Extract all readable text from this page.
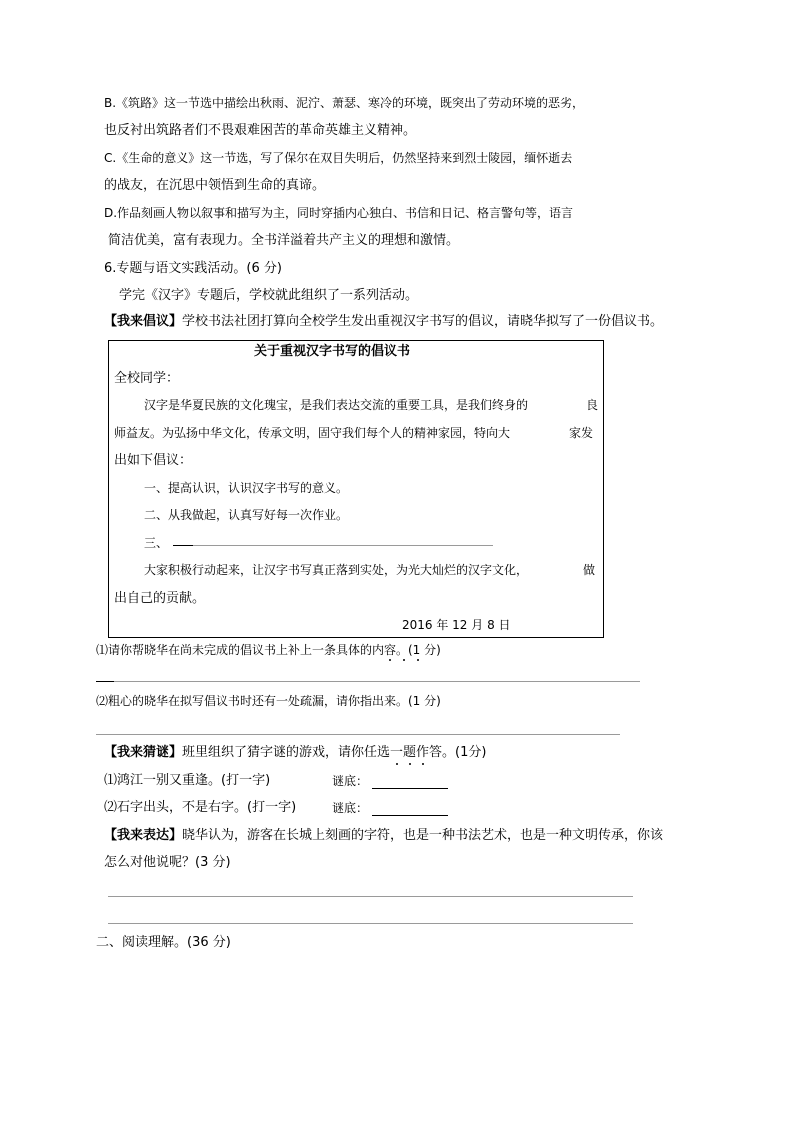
B.《筑路》这一节选中描绘出秋雨、泥泞、萧瑟、寒冷的环境，既突出了劳动环境的恶劣，
也反衬出筑路者们不畏艰难困苦的革命英雄主义精神。
C.《生命的意义》这一节选，写了保尔在双目失明后，仍然坚持来到烈士陵园，缅怀逝去
的战友，在沉思中领悟到生命的真谛。
D.作品刻画人物以叙事和描写为主，同时穿插内心独白、书信和日记、格言警句等，语言
简洁优美，富有表现力。全书洋溢着共产主义的理想和激情。
6.专题与语文实践活动。(6 分)
学完《汉字》专题后，学校就此组织了一系列活动。
【我来倡议】学校书法社团打算向全校学生发出重视汉字书写的倡议，请晓华拟写了一份倡议书。
关于重视汉字书写的倡议书
全校同学：
汉字是华夏民族的文化瑰宝，是我们表达交流的重要工具，是我们终身的	良
师益友。为弘扬中华文化，传承文明，固守我们每个人的精神家园，特向大	家发
出如下倡议：
一、提高认识，认识汉字书写的意义。
二、从我做起，认真写好每一次作业。
三、
大家积极行动起来，让汉字书写真正落到实处，为光大灿烂的汉字文化，	做
出自己的贡献。
2016 年 12 月 8 日
⑴请你帮晓华在尚未完成的倡议书上补上一条具体的内容。(1 分)
⑵粗心的晓华在拟写倡议书时还有一处疏漏，请你指出来。(1 分)
【我来猜谜】班里组织了猜字谜的游戏，请你任选一题作答。(1分)
⑴鸿江一别又重逢。(打一字)	谜底：
⑵石字出头，不是右字。(打一字)	谜底：
【我来表达】晓华认为，游客在长城上刻画的字符，也是一种书法艺术，也是一种文明传承，你该
怎么对他说呢？(3 分)
二、阅读理解。(36 分)
